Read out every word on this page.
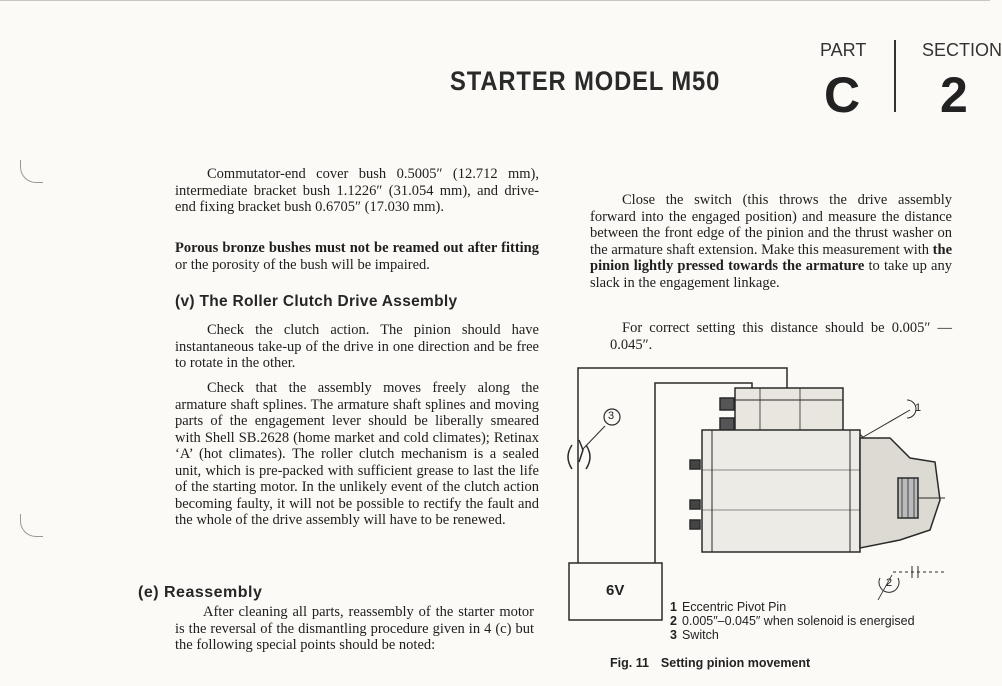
STARTER MODEL M50
PART
C
SECTION
2

Commutator-end cover bush 0.5005″ (12.712 mm), intermediate bracket bush 1.1226″ (31.054 mm), and drive-end fixing bracket bush 0.6705″ (17.030 mm).

Porous bronze bushes must not be reamed out after fitting or the porosity of the bush will be impaired.

(v) The Roller Clutch Drive Assembly

Check the clutch action. The pinion should have instantaneous take-up of the drive in one direction and be free to rotate in the other.

Check that the assembly moves freely along the armature shaft splines. The armature shaft splines and moving parts of the engagement lever should be liberally smeared with Shell SB.2628 (home market and cold climates); Retinax ‘A’ (hot climates). The roller clutch mechanism is a sealed unit, which is pre-packed with sufficient grease to last the life of the starting motor. In the unlikely event of the clutch action becoming faulty, it will not be possible to rectify the fault and the whole of the drive assembly will have to be renewed.

(e) Reassembly

After cleaning all parts, reassembly of the starter motor is the reversal of the dismantling procedure given in 4 (c) but the following special points should be noted:

Close the switch (this throws the drive assembly forward into the engaged position) and measure the distance between the front edge of the pinion and the thrust washer on the armature shaft extension. Make this measurement with the pinion lightly pressed towards the armature to take up any slack in the engagement linkage.

For correct setting this distance should be 0.005″ — 0.045″.

6V
3
1
2
1 Eccentric Pivot Pin
2 0.005″–0.045″ when solenoid is energised
3 Switch
Fig. 11 Setting pinion movement
